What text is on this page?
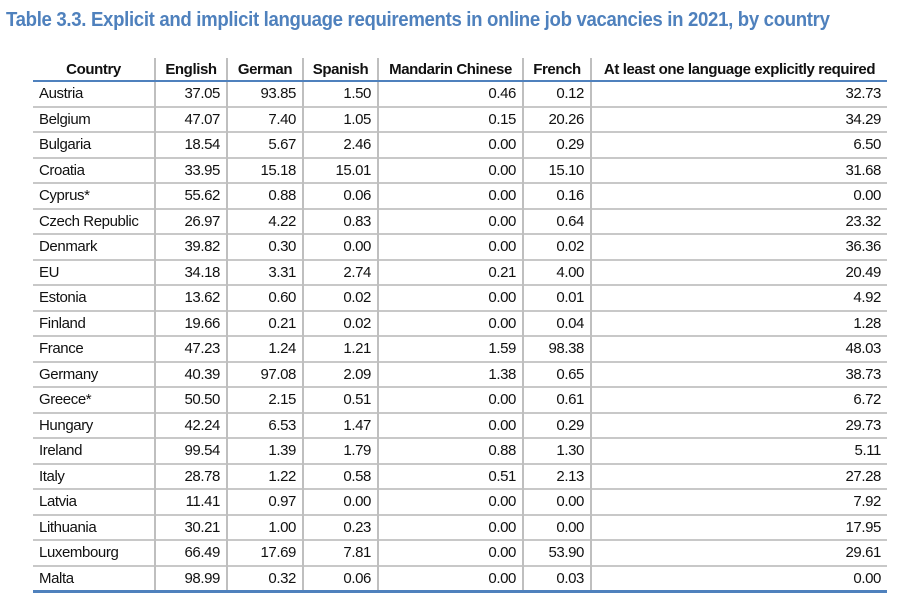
Table 3.3. Explicit and implicit language requirements in online job vacancies in 2021, by country
Country	English	German	Spanish	Mandarin Chinese	French	At least one language explicitly required
Austria	37.05	93.85	1.50	0.46	0.12	32.73
Belgium	47.07	7.40	1.05	0.15	20.26	34.29
Bulgaria	18.54	5.67	2.46	0.00	0.29	6.50
Croatia	33.95	15.18	15.01	0.00	15.10	31.68
Cyprus*	55.62	0.88	0.06	0.00	0.16	0.00
Czech Republic	26.97	4.22	0.83	0.00	0.64	23.32
Denmark	39.82	0.30	0.00	0.00	0.02	36.36
EU	34.18	3.31	2.74	0.21	4.00	20.49
Estonia	13.62	0.60	0.02	0.00	0.01	4.92
Finland	19.66	0.21	0.02	0.00	0.04	1.28
France	47.23	1.24	1.21	1.59	98.38	48.03
Germany	40.39	97.08	2.09	1.38	0.65	38.73
Greece*	50.50	2.15	0.51	0.00	0.61	6.72
Hungary	42.24	6.53	1.47	0.00	0.29	29.73
Ireland	99.54	1.39	1.79	0.88	1.30	5.11
Italy	28.78	1.22	0.58	0.51	2.13	27.28
Latvia	11.41	0.97	0.00	0.00	0.00	7.92
Lithuania	30.21	1.00	0.23	0.00	0.00	17.95
Luxembourg	66.49	17.69	7.81	0.00	53.90	29.61
Malta	98.99	0.32	0.06	0.00	0.03	0.00
